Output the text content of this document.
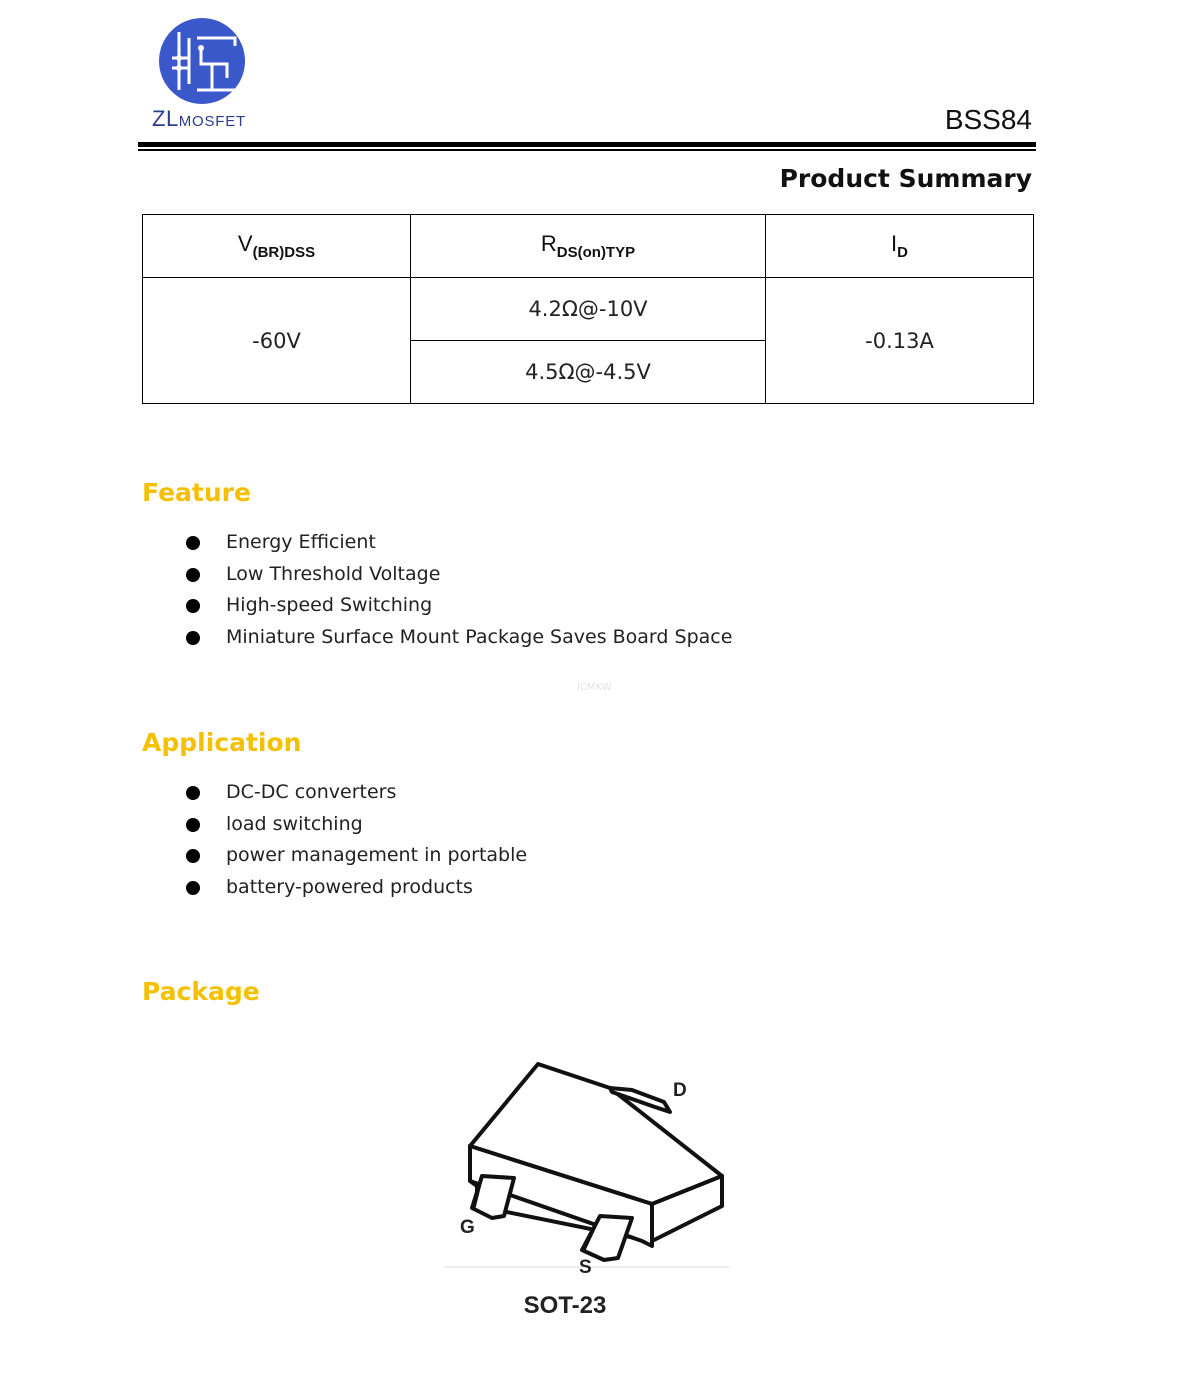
ZLMOSFET	BSS84
Product Summary
$V_{(BR)DSS}$	$R_{DS(on)TYP}$	$I_D$
-60V	4.2Ω@-10V	-0.13A
	4.5Ω@-4.5V	
Feature
Energy Efficient
Low Threshold Voltage
High-speed Switching
Miniature Surface Mount Package Saves Board Space
ICMKW
Application
DC-DC converters
load switching
power management in portable
battery-powered products
Package
D
G
S
SOT-23
